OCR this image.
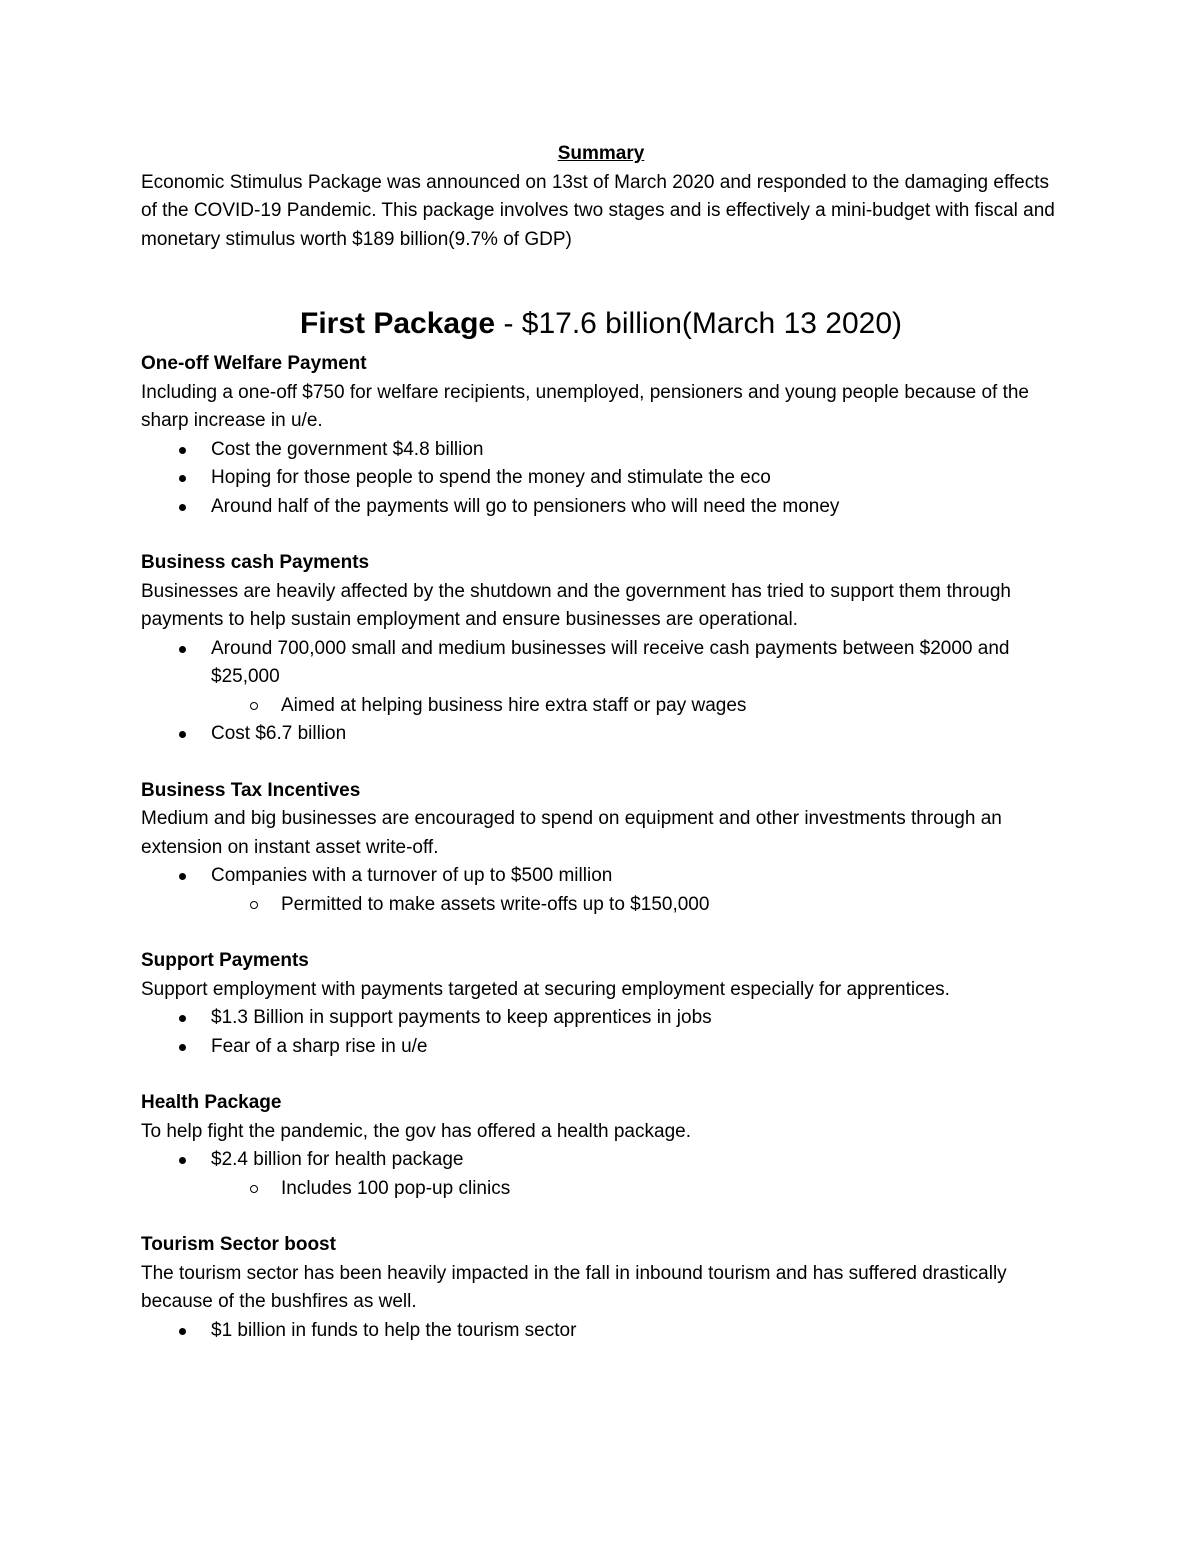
Summary

Economic Stimulus Package was announced on 13st of March 2020 and responded to the damaging effects of the COVID-19 Pandemic. This package involves two stages and is effectively a mini-budget with fiscal and monetary stimulus worth $189 billion(9.7% of GDP)

First Package - $17.6 billion(March 13 2020)

One-off Welfare Payment

Including a one-off $750 for welfare recipients, unemployed, pensioners and young people because of the sharp increase in u/e.

Cost the government $4.8 billion
Hoping for those people to spend the money and stimulate the eco
Around half of the payments will go to pensioners who will need the money

Business cash Payments

Businesses are heavily affected by the shutdown and the government has tried to support them through payments to help sustain employment and ensure businesses are operational.

Around 700,000 small and medium businesses will receive cash payments between $2000 and $25,000
Aimed at helping business hire extra staff or pay wages
Cost $6.7 billion

Business Tax Incentives

Medium and big businesses are encouraged to spend on equipment and other investments through an extension on instant asset write-off.

Companies with a turnover of up to $500 million
Permitted to make assets write-offs up to $150,000

Support Payments

Support employment with payments targeted at securing employment especially for apprentices.

$1.3 Billion in support payments to keep apprentices in jobs
Fear of a sharp rise in u/e

Health Package

To help fight the pandemic, the gov has offered a health package.

$2.4 billion for health package
Includes 100 pop-up clinics

Tourism Sector boost

The tourism sector has been heavily impacted in the fall in inbound tourism and has suffered drastically because of the bushfires as well.

$1 billion in funds to help the tourism sector
